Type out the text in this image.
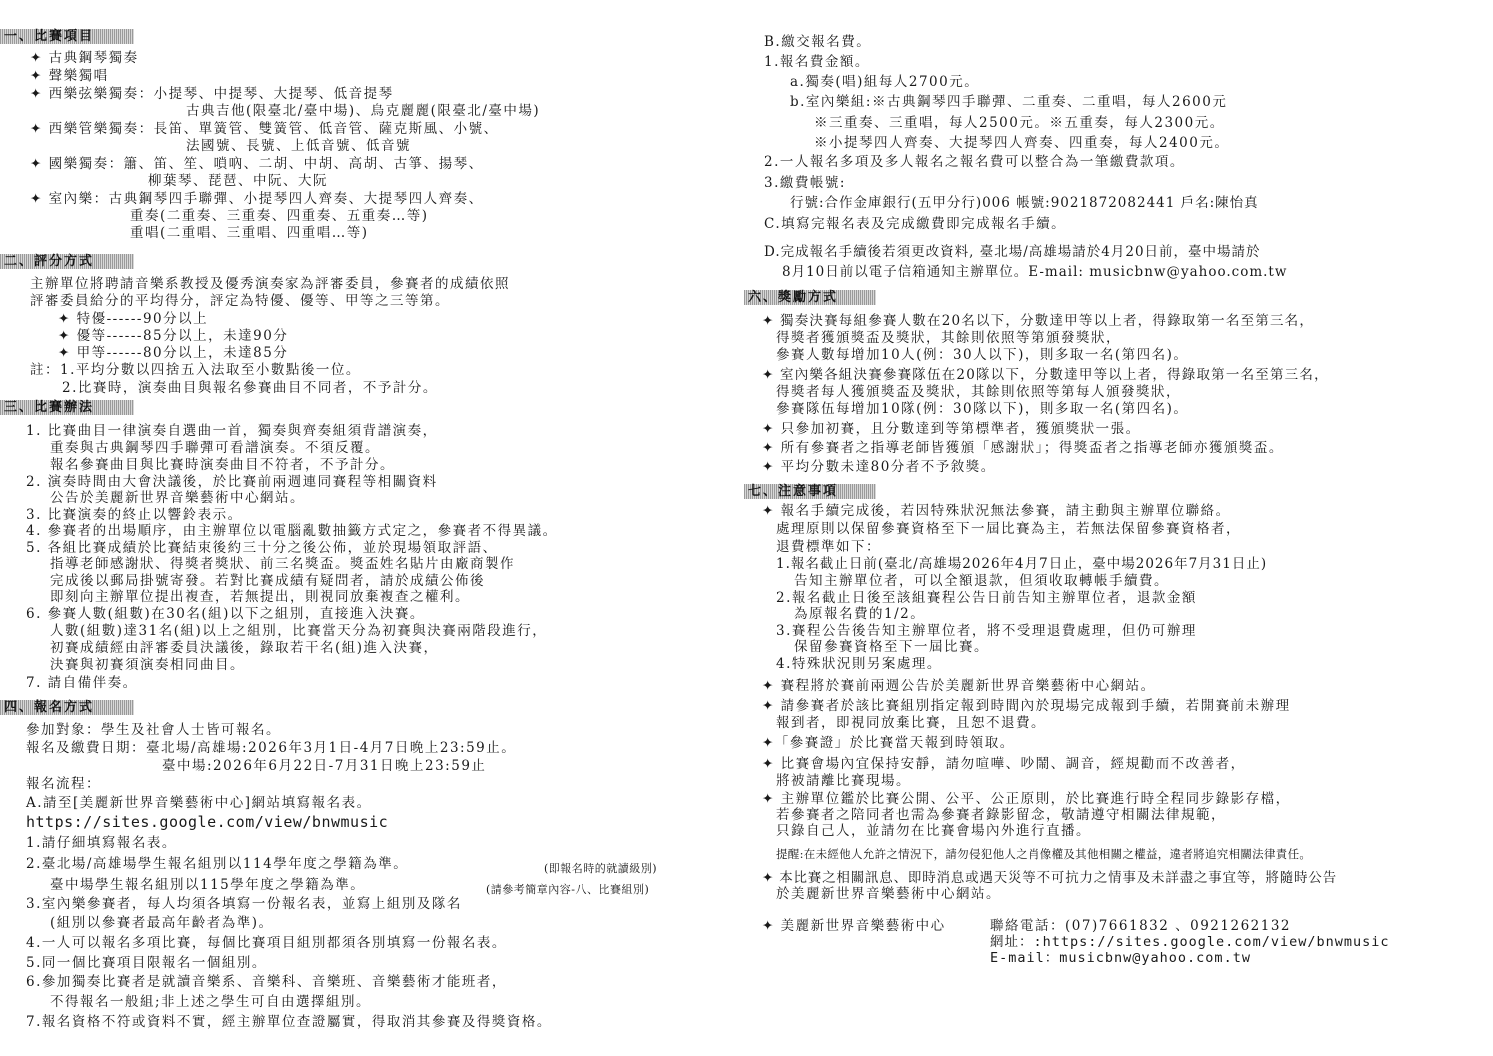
一、比賽項目
✦ 古典鋼琴獨奏
✦ 聲樂獨唱
✦ 西樂弦樂獨奏：小提琴、中提琴、大提琴、低音提琴
古典吉他(限臺北/臺中場)、烏克麗麗(限臺北/臺中場)
✦ 西樂管樂獨奏：長笛、單簧管、雙簧管、低音管、薩克斯風、小號、
法國號、長號、上低音號、低音號
✦ 國樂獨奏：簫、笛、笙、嗩吶、二胡、中胡、高胡、古箏、揚琴、
柳葉琴、琵琶、中阮、大阮
✦ 室內樂：古典鋼琴四手聯彈、小提琴四人齊奏、大提琴四人齊奏、
重奏(二重奏、三重奏、四重奏、五重奏…等)
重唱(二重唱、三重唱、四重唱…等)
二、評分方式
主辦單位將聘請音樂系教授及優秀演奏家為評審委員，參賽者的成績依照
評審委員給分的平均得分，評定為特優、優等、甲等之三等第。
✦ 特優------90分以上
✦ 優等------85分以上，未達90分
✦ 甲等------80分以上，未達85分
註：1.平均分數以四捨五入法取至小數點後一位。
2.比賽時，演奏曲目與報名參賽曲目不同者，不予計分。
三、比賽辦法
1. 比賽曲目一律演奏自選曲一首，獨奏與齊奏組須背譜演奏，
重奏與古典鋼琴四手聯彈可看譜演奏。不須反覆。
報名參賽曲目與比賽時演奏曲目不符者，不予計分。
2. 演奏時間由大會決議後，於比賽前兩週連同賽程等相關資料
公告於美麗新世界音樂藝術中心網站。
3. 比賽演奏的終止以響鈴表示。
4. 參賽者的出場順序，由主辦單位以電腦亂數抽籤方式定之，參賽者不得異議。
5. 各組比賽成績於比賽結束後約三十分之後公佈，並於現場領取評語、
指導老師感謝狀、得獎者獎狀、前三名獎盃。獎盃姓名貼片由廠商製作
完成後以郵局掛號寄發。若對比賽成績有疑問者，請於成績公佈後
即刻向主辦單位提出複查，若無提出，則視同放棄複查之權利。
6. 參賽人數(組數)在30名(組)以下之組別，直接進入決賽。
人數(組數)達31名(組)以上之組別，比賽當天分為初賽與決賽兩階段進行，
初賽成績經由評審委員決議後，錄取若干名(組)進入決賽，
決賽與初賽須演奏相同曲目。
7. 請自備伴奏。
四、報名方式
參加對象：學生及社會人士皆可報名。
報名及繳費日期：臺北場/高雄場:2026年3月1日-4月7日晚上23:59止。
臺中場:2026年6月22日-7月31日晚上23:59止
報名流程：
A.請至[美麗新世界音樂藝術中心]網站填寫報名表。
https://sites.google.com/view/bnwmusic
1.請仔細填寫報名表。
2.臺北場/高雄場學生報名組別以114學年度之學籍為準。	(即報名時的就讀級別)
臺中場學生報名組別以115學年度之學籍為準。	(請參考簡章內容-八、比賽組別)
3.室內樂參賽者，每人均須各填寫一份報名表，並寫上組別及隊名
(組別以參賽者最高年齡者為準)。
4.一人可以報名多項比賽，每個比賽項目組別都須各別填寫一份報名表。
5.同一個比賽項目限報名一個組別。
6.參加獨奏比賽者是就讀音樂系、音樂科、音樂班、音樂藝術才能班者，
不得報名一般組;非上述之學生可自由選擇組別。
7.報名資格不符或資料不實，經主辦單位查證屬實，得取消其參賽及得獎資格。
B.繳交報名費。
1.報名費金額。
a.獨奏(唱)組每人2700元。
b.室內樂組:※古典鋼琴四手聯彈、二重奏、二重唱，每人2600元
※三重奏、三重唱，每人2500元。※五重奏，每人2300元。
※小提琴四人齊奏、大提琴四人齊奏、四重奏，每人2400元。
2.一人報名多項及多人報名之報名費可以整合為一筆繳費款項。
3.繳費帳號:
行號:合作金庫銀行(五甲分行)006 帳號:9021872082441 戶名:陳怡真
C.填寫完報名表及完成繳費即完成報名手續。
D.完成報名手續後若須更改資料, 臺北場/高雄場請於4月20日前，臺中場請於
8月10日前以電子信箱通知主辦單位。E-mail: musicbnw@yahoo.com.tw
六、獎勵方式
✦ 獨奏決賽每組參賽人數在20名以下，分數達甲等以上者，得錄取第一名至第三名，
得獎者獲頒獎盃及獎狀，其餘則依照等第頒發獎狀，
參賽人數每增加10人(例：30人以下)，則多取一名(第四名)。
✦ 室內樂各組決賽參賽隊伍在20隊以下，分數達甲等以上者，得錄取第一名至第三名，
得獎者每人獲頒獎盃及獎狀，其餘則依照等第每人頒發獎狀，
參賽隊伍每增加10隊(例：30隊以下)，則多取一名(第四名)。
✦ 只參加初賽，且分數達到等第標準者，獲頒獎狀一張。
✦ 所有參賽者之指導老師皆獲頒「感謝狀」；得獎盃者之指導老師亦獲頒獎盃。
✦ 平均分數未達80分者不予敘獎。
七、注意事項
✦ 報名手續完成後，若因特殊狀況無法參賽，請主動與主辦單位聯絡。
處理原則以保留參賽資格至下一屆比賽為主，若無法保留參賽資格者，
退費標準如下：
1.報名截止日前(臺北/高雄場2026年4月7日止，臺中場2026年7月31日止)
告知主辦單位者，可以全額退款，但須收取轉帳手續費。
2.報名截止日後至該組賽程公告日前告知主辦單位者，退款金額
為原報名費的1/2。
3.賽程公告後告知主辦單位者，將不受理退費處理，但仍可辦理
保留參賽資格至下一屆比賽。
4.特殊狀況則另案處理。
✦ 賽程將於賽前兩週公告於美麗新世界音樂藝術中心網站。
✦ 請參賽者於該比賽組別指定報到時間內於現場完成報到手續，若開賽前未辦理
報到者，即視同放棄比賽，且恕不退費。
✦「參賽證」於比賽當天報到時領取。
✦ 比賽會場內宜保持安靜，請勿喧嘩、吵鬧、調音，經規勸而不改善者，
將被請離比賽現場。
✦ 主辦單位鑑於比賽公開、公平、公正原則，於比賽進行時全程同步錄影存檔，
若參賽者之陪同者也需為參賽者錄影留念，敬請遵守相關法律規範，
只錄自己人，並請勿在比賽會場內外進行直播。
提醒:在未經他人允許之情況下，請勿侵犯他人之肖像權及其他相關之權益，違者將追究相關法律責任。
✦ 本比賽之相關訊息、即時消息或遇天災等不可抗力之情事及未詳盡之事宜等，將隨時公告
於美麗新世界音樂藝術中心網站。
✦ 美麗新世界音樂藝術中心	聯絡電話：(07)7661832 、0921262132
網址：:https://sites.google.com/view/bnwmusic
E-mail：musicbnw@yahoo.com.tw
